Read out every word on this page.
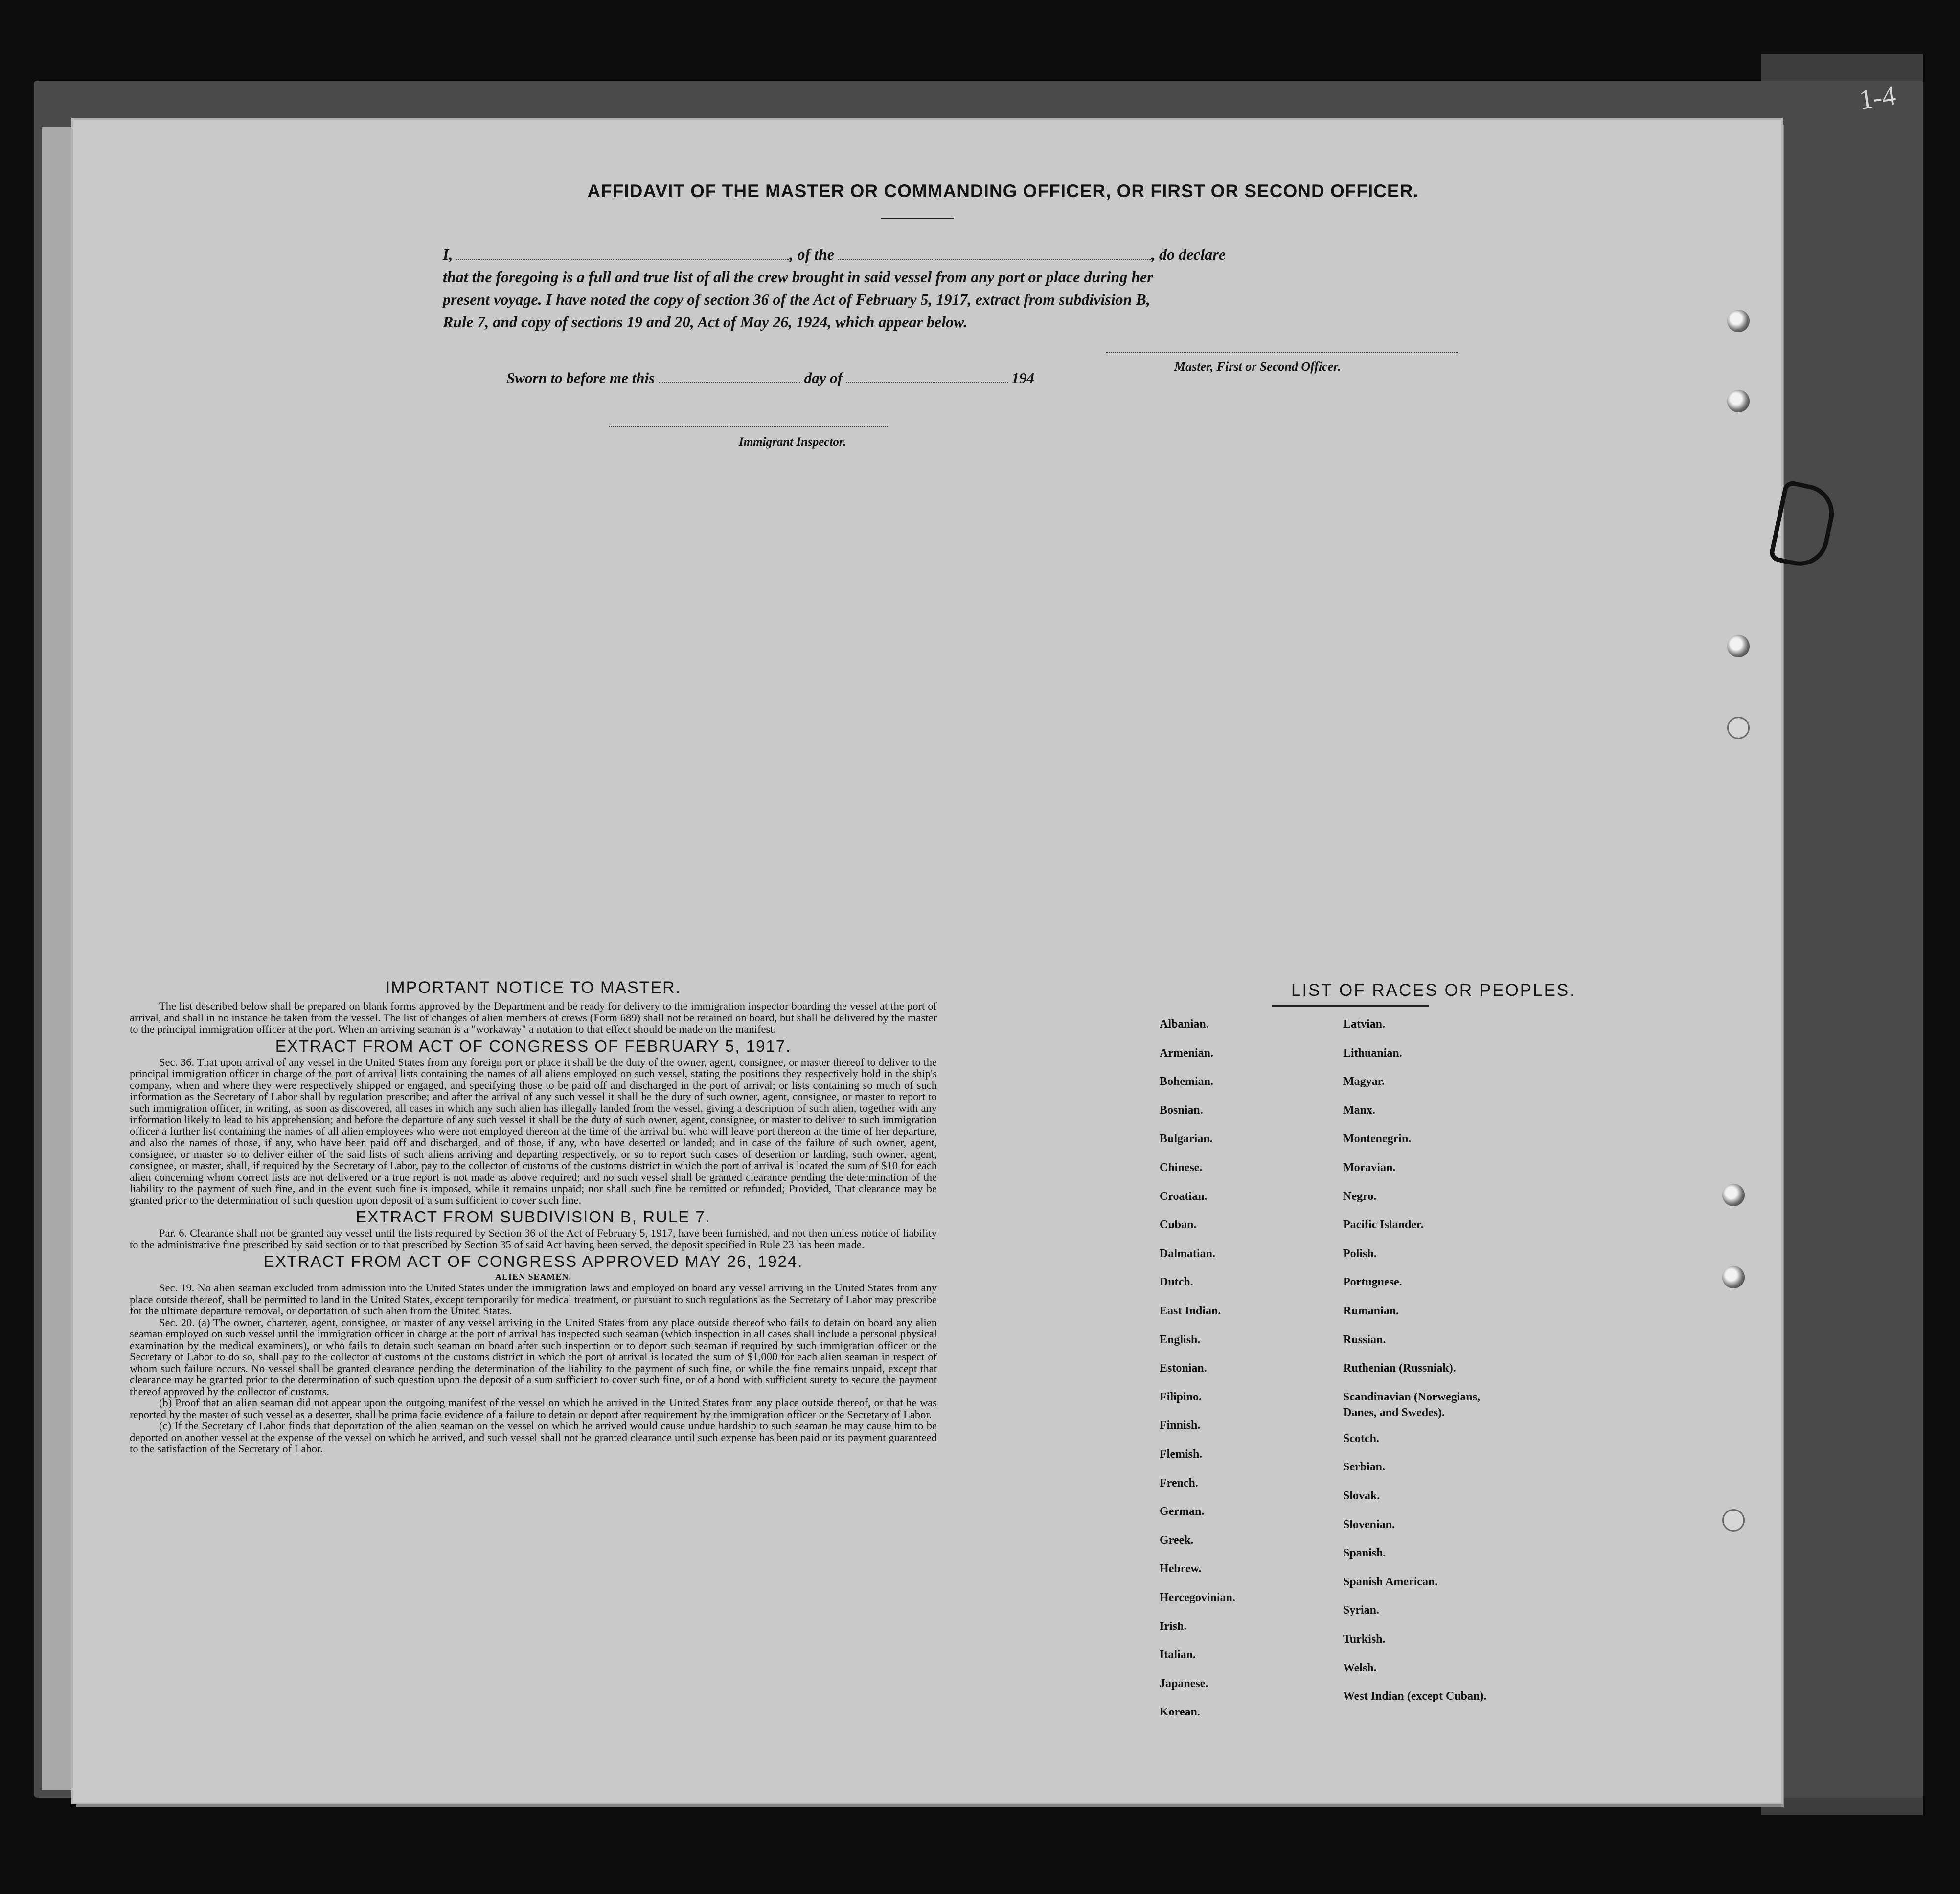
1-4
AFFIDAVIT OF THE MASTER OR COMMANDING OFFICER, OR FIRST OR SECOND OFFICER.
I,	, of the	, do declare
that the foregoing is a full and true list of all the crew brought in said vessel from any port or place during her
present voyage. I have noted the copy of section 36 of the Act of February 5, 1917, extract from subdivision B,
Rule 7, and copy of sections 19 and 20, Act of May 26, 1924, which appear below.
Master, First or Second Officer.
Sworn to before me this	day of	194
Immigrant Inspector.

IMPORTANT NOTICE TO MASTER.

The list described below shall be prepared on blank forms approved by the Department and be ready for delivery to the immigration inspector boarding the vessel at the port of arrival, and shall in no instance be taken from the vessel. The list of changes of alien members of crews (Form 689) shall not be retained on board, but shall be delivered by the master to the principal immigration officer at the port. When an arriving seaman is a "workaway" a notation to that effect should be made on the manifest.

EXTRACT FROM ACT OF CONGRESS OF FEBRUARY 5, 1917.

Sec. 36. That upon arrival of any vessel in the United States from any foreign port or place it shall be the duty of the owner, agent, consignee, or master thereof to deliver to the principal immigration officer in charge of the port of arrival lists containing the names of all aliens employed on such vessel, stating the positions they respectively hold in the ship's company, when and where they were respectively shipped or engaged, and specifying those to be paid off and discharged in the port of arrival; or lists containing so much of such information as the Secretary of Labor shall by regulation prescribe; and after the arrival of any such vessel it shall be the duty of such owner, agent, consignee, or master to report to such immigration officer, in writing, as soon as discovered, all cases in which any such alien has illegally landed from the vessel, giving a description of such alien, together with any information likely to lead to his apprehension; and before the departure of any such vessel it shall be the duty of such owner, agent, consignee, or master to deliver to such immigration officer a further list containing the names of all alien employees who were not employed thereon at the time of the arrival but who will leave port thereon at the time of her departure, and also the names of those, if any, who have been paid off and discharged, and of those, if any, who have deserted or landed; and in case of the failure of such owner, agent, consignee, or master so to deliver either of the said lists of such aliens arriving and departing respectively, or so to report such cases of desertion or landing, such owner, agent, consignee, or master, shall, if required by the Secretary of Labor, pay to the collector of customs of the customs district in which the port of arrival is located the sum of $10 for each alien concerning whom correct lists are not delivered or a true report is not made as above required; and no such vessel shall be granted clearance pending the determination of the liability to the payment of such fine, and in the event such fine is imposed, while it remains unpaid; nor shall such fine be remitted or refunded; Provided, That clearance may be granted prior to the determination of such question upon deposit of a sum sufficient to cover such fine.

EXTRACT FROM SUBDIVISION B, RULE 7.

Par. 6. Clearance shall not be granted any vessel until the lists required by Section 36 of the Act of February 5, 1917, have been furnished, and not then unless notice of liability to the administrative fine prescribed by said section or to that prescribed by Section 35 of said Act having been served, the deposit specified in Rule 23 has been made.

EXTRACT FROM ACT OF CONGRESS APPROVED MAY 26, 1924.

ALIEN SEAMEN.

Sec. 19. No alien seaman excluded from admission into the United States under the immigration laws and employed on board any vessel arriving in the United States from any place outside thereof, shall be permitted to land in the United States, except temporarily for medical treatment, or pursuant to such regulations as the Secretary of Labor may prescribe for the ultimate departure removal, or deportation of such alien from the United States.

Sec. 20. (a) The owner, charterer, agent, consignee, or master of any vessel arriving in the United States from any place outside thereof who fails to detain on board any alien seaman employed on such vessel until the immigration officer in charge at the port of arrival has inspected such seaman (which inspection in all cases shall include a personal physical examination by the medical examiners), or who fails to detain such seaman on board after such inspection or to deport such seaman if required by such immigration officer or the Secretary of Labor to do so, shall pay to the collector of customs of the customs district in which the port of arrival is located the sum of $1,000 for each alien seaman in respect of whom such failure occurs. No vessel shall be granted clearance pending the determination of the liability to the payment of such fine, or while the fine remains unpaid, except that clearance may be granted prior to the determination of such question upon the deposit of a sum sufficient to cover such fine, or of a bond with sufficient surety to secure the payment thereof approved by the collector of customs.

(b) Proof that an alien seaman did not appear upon the outgoing manifest of the vessel on which he arrived in the United States from any place outside thereof, or that he was reported by the master of such vessel as a deserter, shall be prima facie evidence of a failure to detain or deport after requirement by the immigration officer or the Secretary of Labor.

(c) If the Secretary of Labor finds that deportation of the alien seaman on the vessel on which he arrived would cause undue hardship to such seaman he may cause him to be deported on another vessel at the expense of the vessel on which he arrived, and such vessel shall not be granted clearance until such expense has been paid or its payment guaranteed to the satisfaction of the Secretary of Labor.

LIST OF RACES OR PEOPLES.
Albanian.
Armenian.
Bohemian.
Bosnian.
Bulgarian.
Chinese.
Croatian.
Cuban.
Dalmatian.
Dutch.
East Indian.
English.
Estonian.
Filipino.
Finnish.
Flemish.
French.
German.
Greek.
Hebrew.
Hercegovinian.
Irish.
Italian.
Japanese.
Korean.
Latvian.
Lithuanian.
Magyar.
Manx.
Montenegrin.
Moravian.
Negro.
Pacific Islander.
Polish.
Portuguese.
Rumanian.
Russian.
Ruthenian (Russniak).
Scandinavian (Norwegians,
Danes, and Swedes).
Scotch.
Serbian.
Slovak.
Slovenian.
Spanish.
Spanish American.
Syrian.
Turkish.
Welsh.
West Indian (except Cuban).
